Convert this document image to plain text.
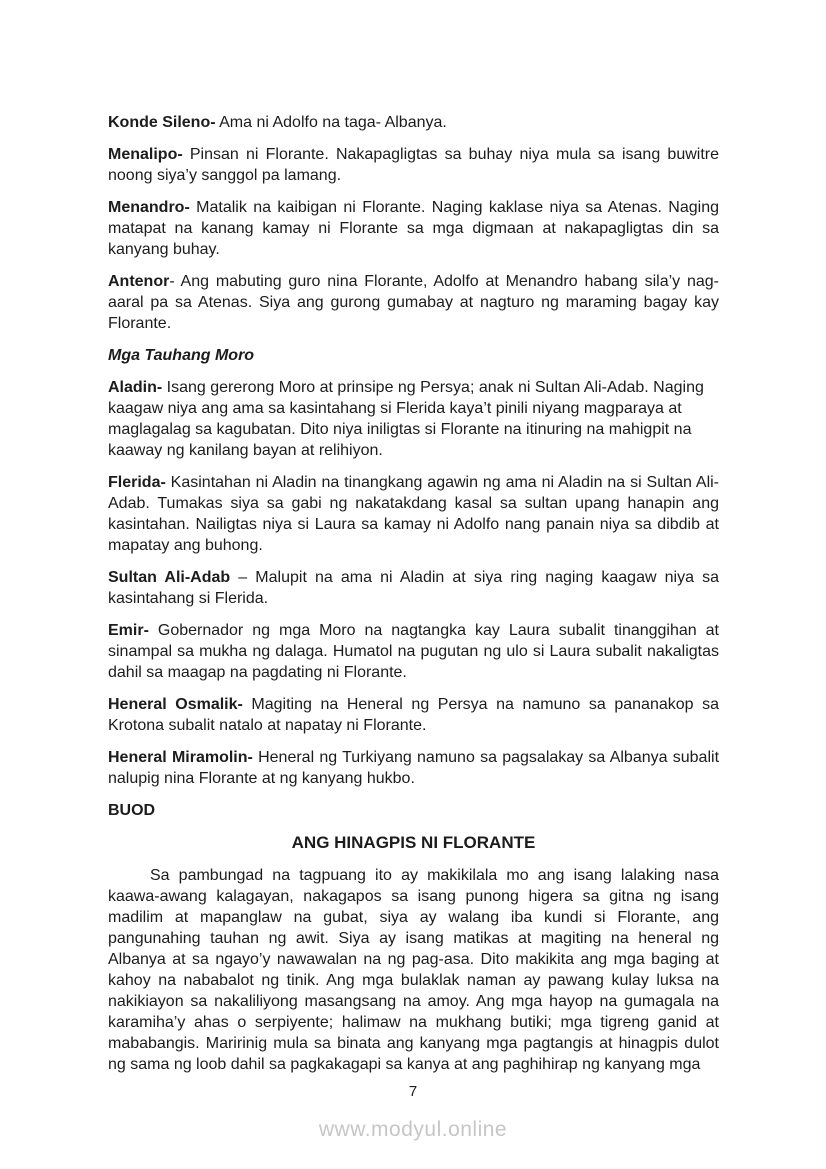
Konde Sileno- Ama ni Adolfo na taga- Albanya.

Menalipo- Pinsan ni Florante. Nakapagligtas sa buhay niya mula sa isang buwitre noong siya’y sanggol pa lamang.

Menandro- Matalik na kaibigan ni Florante. Naging kaklase niya sa Atenas. Naging matapat na kanang kamay ni Florante sa mga digmaan at nakapagligtas din sa kanyang buhay.

Antenor- Ang mabuting guro nina Florante, Adolfo at Menandro habang sila’y nag-aaral pa sa Atenas. Siya ang gurong gumabay at nagturo ng maraming bagay kay Florante.

Mga Tauhang Moro

Aladin- Isang gererong Moro at prinsipe ng Persya; anak ni Sultan Ali-Adab. Naging kaagaw niya ang ama sa kasintahang si Flerida kaya’t pinili niyang magparaya at maglagalag sa kagubatan. Dito niya iniligtas si Florante na itinuring na mahigpit na kaaway ng kanilang bayan at relihiyon.

Flerida- Kasintahan ni Aladin na tinangkang agawin ng ama ni Aladin na si Sultan Ali-Adab. Tumakas siya sa gabi ng nakatakdang kasal sa sultan upang hanapin ang kasintahan. Nailigtas niya si Laura sa kamay ni Adolfo nang panain niya sa dibdib at mapatay ang buhong.

Sultan Ali-Adab – Malupit na ama ni Aladin at siya ring naging kaagaw niya sa kasintahang si Flerida.

Emir- Gobernador ng mga Moro na nagtangka kay Laura subalit tinanggihan at sinampal sa mukha ng dalaga. Humatol na pugutan ng ulo si Laura subalit nakaligtas dahil sa maagap na pagdating ni Florante.

Heneral Osmalik- Magiting na Heneral ng Persya na namuno sa pananakop sa Krotona subalit natalo at napatay ni Florante.

Heneral Miramolin- Heneral ng Turkiyang namuno sa pagsalakay sa Albanya subalit nalupig nina Florante at ng kanyang hukbo.

BUOD

ANG HINAGPIS NI FLORANTE

Sa pambungad na tagpuang ito ay makikilala mo ang isang lalaking nasa kaawa-awang kalagayan, nakagapos sa isang punong higera sa gitna ng isang madilim at mapanglaw na gubat, siya ay walang iba kundi si Florante, ang pangunahing tauhan ng awit. Siya ay isang matikas at magiting na heneral ng Albanya at sa ngayo’y nawawalan na ng pag-asa. Dito makikita ang mga baging at kahoy na nababalot ng tinik. Ang mga bulaklak naman ay pawang kulay luksa na nakikiayon sa nakaliliyong masangsang na amoy. Ang mga hayop na gumagala na karamiha’y ahas o serpiyente; halimaw na mukhang butiki; mga tigreng ganid at mababangis. Maririnig mula sa binata ang kanyang mga pagtangis at hinagpis dulot ng sama ng loob dahil sa pagkakagapi sa kanya at ang paghihirap ng kanyang mga

7
www.modyul.online
